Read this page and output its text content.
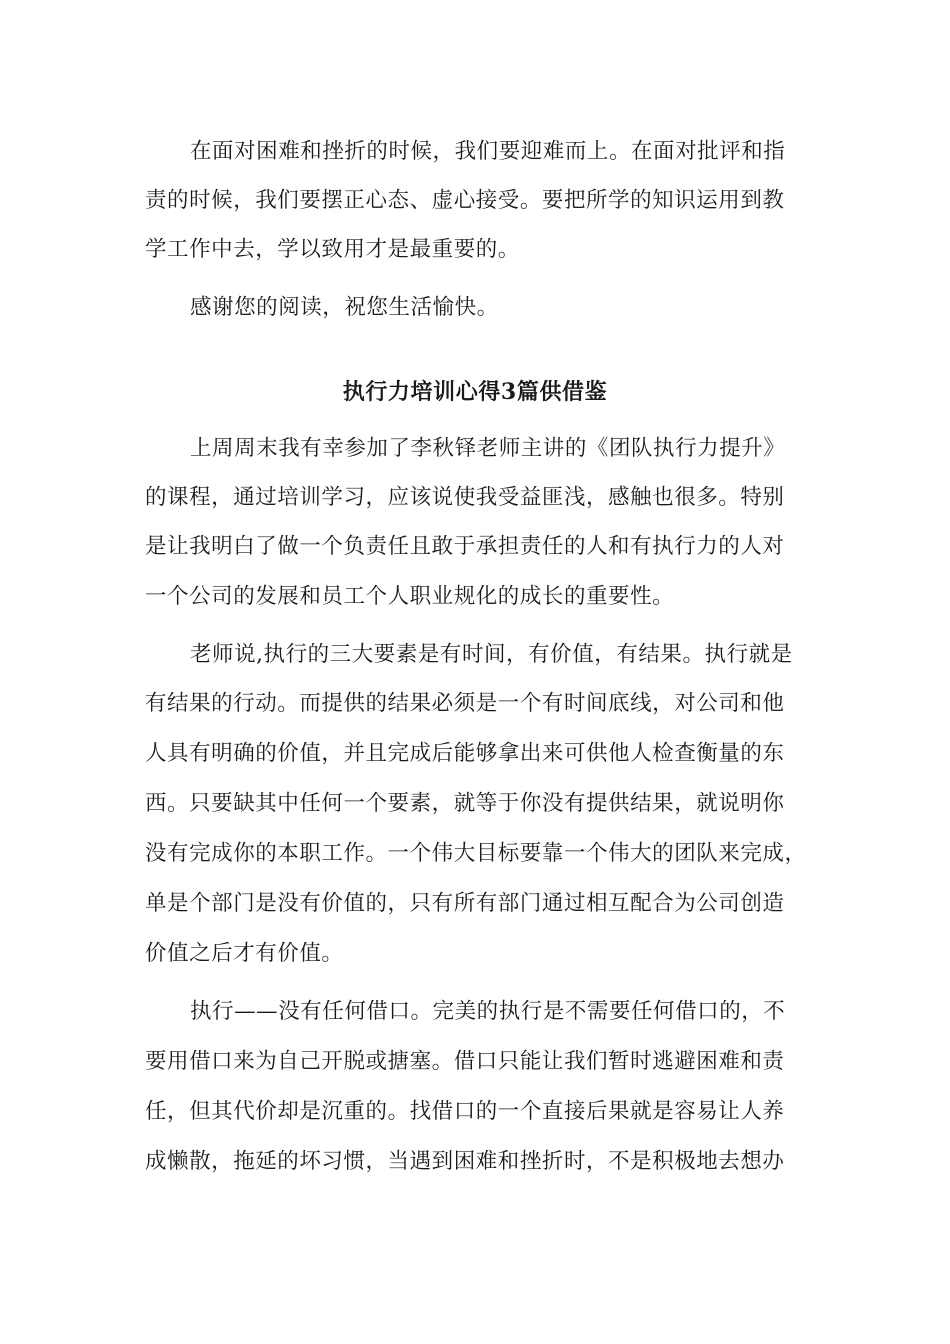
在面对困难和挫折的时候，我们要迎难而上。在面对批评和指
责的时候，我们要摆正心态、虚心接受。要把所学的知识运用到教
学工作中去，学以致用才是最重要的。
感谢您的阅读，祝您生活愉快。
执行力培训心得3篇供借鉴
上周周末我有幸参加了李秋铎老师主讲的《团队执行力提升》
的课程，通过培训学习，应该说使我受益匪浅，感触也很多。特别
是让我明白了做一个负责任且敢于承担责任的人和有执行力的人对
一个公司的发展和员工个人职业规化的成长的重要性。
老师说,执行的三大要素是有时间，有价值，有结果。执行就是
有结果的行动。而提供的结果必须是一个有时间底线，对公司和他
人具有明确的价值，并且完成后能够拿出来可供他人检查衡量的东
西。只要缺其中任何一个要素，就等于你没有提供结果，就说明你
没有完成你的本职工作。一个伟大目标要靠一个伟大的团队来完成，
单是个部门是没有价值的，只有所有部门通过相互配合为公司创造
价值之后才有价值。
执行——没有任何借口。完美的执行是不需要任何借口的，不
要用借口来为自己开脱或搪塞。借口只能让我们暂时逃避困难和责
任，但其代价却是沉重的。找借口的一个直接后果就是容易让人养
成懒散，拖延的坏习惯，当遇到困难和挫折时，不是积极地去想办
